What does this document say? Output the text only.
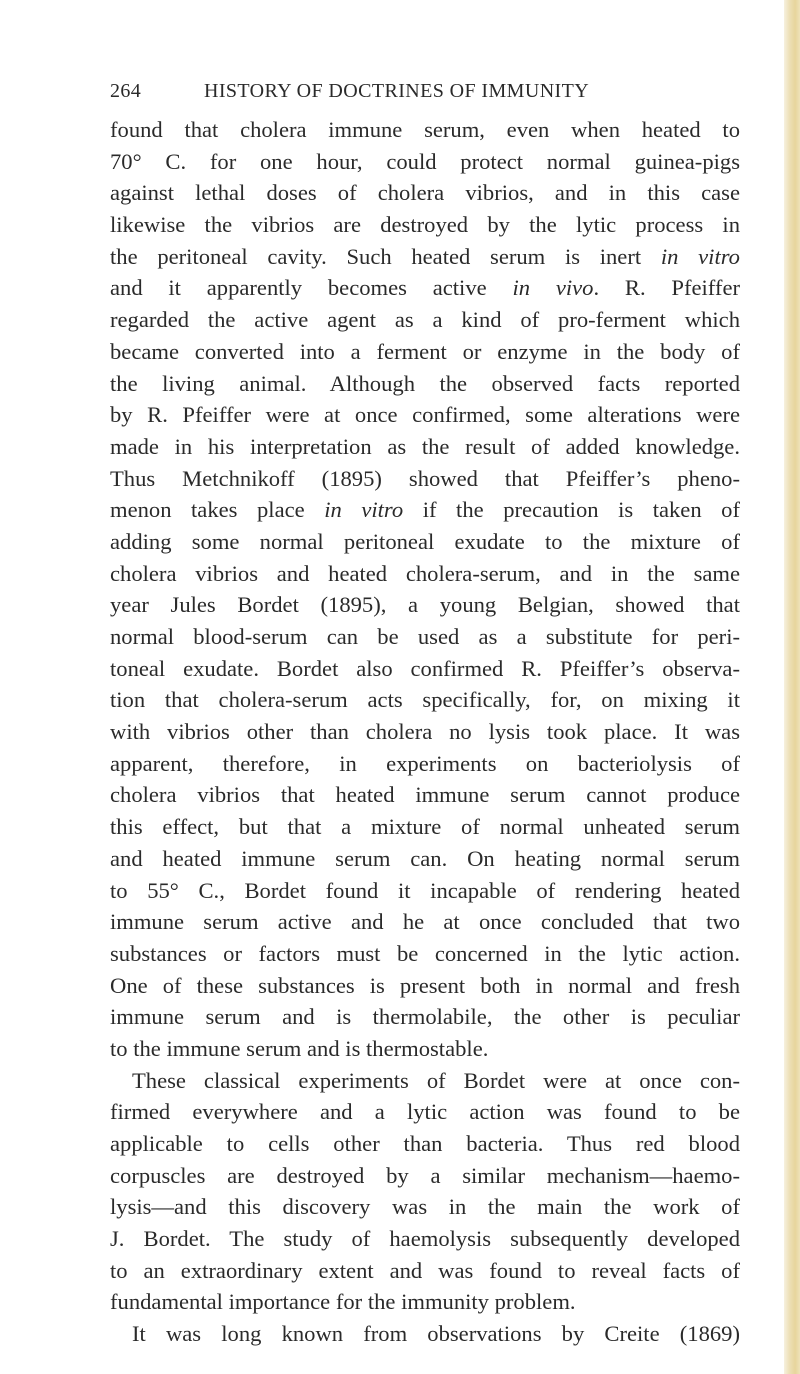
264	HISTORY OF DOCTRINES OF IMMUNITY
found that cholera immune serum, even when heated to
70° C. for one hour, could protect normal guinea-pigs
against lethal doses of cholera vibrios, and in this case
likewise the vibrios are destroyed by the lytic process in
the peritoneal cavity. Such heated serum is inert in vitro
and it apparently becomes active in vivo. R. Pfeiffer
regarded the active agent as a kind of pro-ferment which
became converted into a ferment or enzyme in the body of
the living animal. Although the observed facts reported
by R. Pfeiffer were at once confirmed, some alterations were
made in his interpretation as the result of added knowledge.
Thus Metchnikoff (1895) showed that Pfeiffer’s pheno-
menon takes place in vitro if the precaution is taken of
adding some normal peritoneal exudate to the mixture of
cholera vibrios and heated cholera-serum, and in the same
year Jules Bordet (1895), a young Belgian, showed that
normal blood-serum can be used as a substitute for peri-
toneal exudate. Bordet also confirmed R. Pfeiffer’s observa-
tion that cholera-serum acts specifically, for, on mixing it
with vibrios other than cholera no lysis took place. It was
apparent, therefore, in experiments on bacteriolysis of
cholera vibrios that heated immune serum cannot produce
this effect, but that a mixture of normal unheated serum
and heated immune serum can. On heating normal serum
to 55° C., Bordet found it incapable of rendering heated
immune serum active and he at once concluded that two
substances or factors must be concerned in the lytic action.
One of these substances is present both in normal and fresh
immune serum and is thermolabile, the other is peculiar
to the immune serum and is thermostable.
These classical experiments of Bordet were at once con-
firmed everywhere and a lytic action was found to be
applicable to cells other than bacteria. Thus red blood
corpuscles are destroyed by a similar mechanism—haemo-
lysis—and this discovery was in the main the work of
J. Bordet. The study of haemolysis subsequently developed
to an extraordinary extent and was found to reveal facts of
fundamental importance for the immunity problem.
It was long known from observations by Creite (1869)
